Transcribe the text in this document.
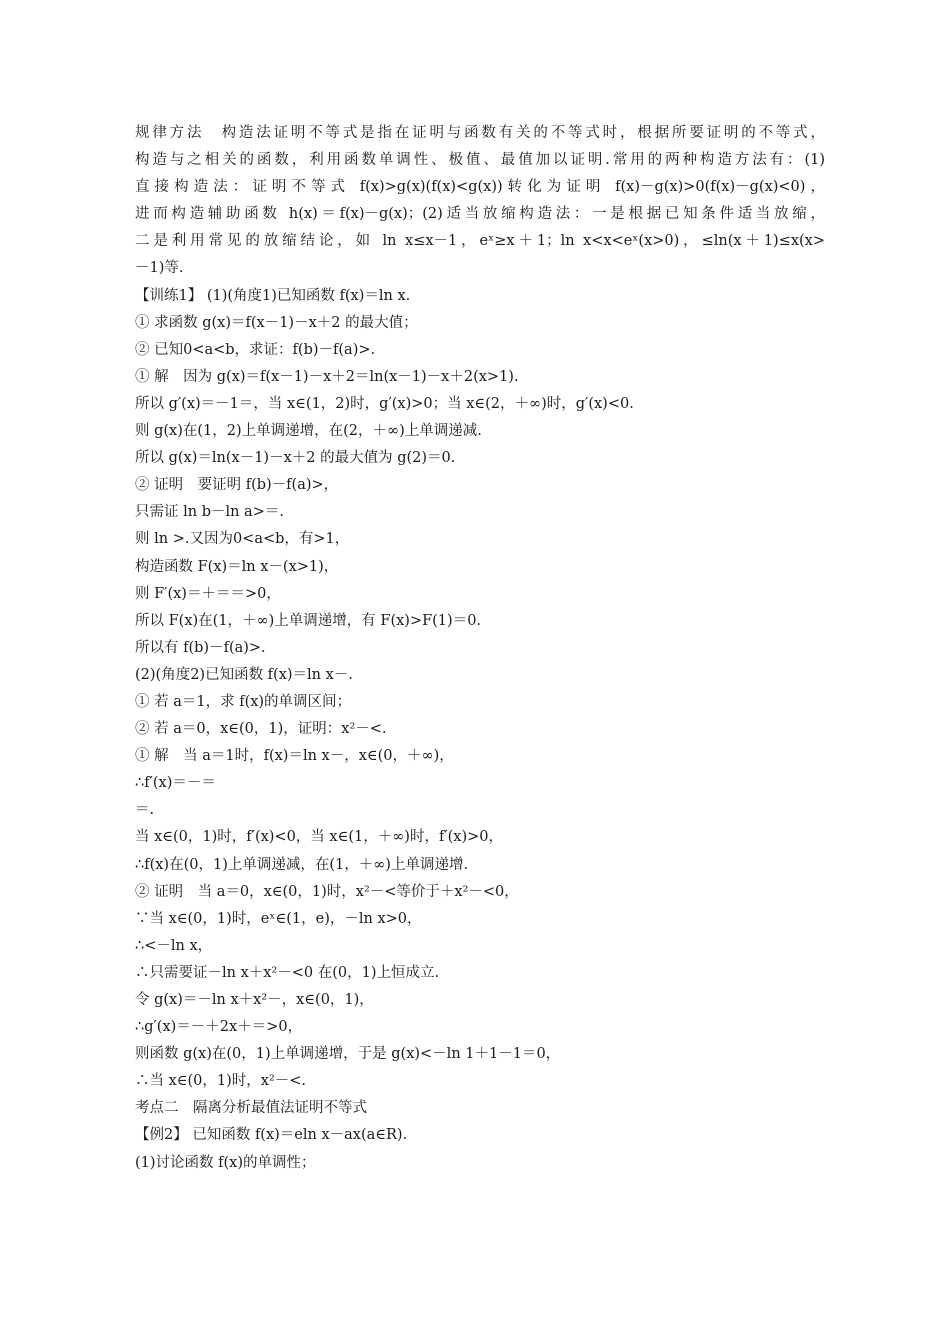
规律方法　构造法证明不等式是指在证明与函数有关的不等式时，根据所要证明的不等式，
构造与之相关的函数，利用函数单调性、极值、最值加以证明.常用的两种构造方法有：(1)
直接构造法：证明不等式 f(x)>g(x)(f(x)<g(x))转化为证明 f(x)－g(x)>0(f(x)－g(x)<0)，
进而构造辅助函数 h(x)＝f(x)－g(x)；(2)适当放缩构造法：一是根据已知条件适当放缩，
二是利用常见的放缩结论，如 ln x≤x－1，eˣ≥x＋1；ln x<x<eˣ(x>0)，≤ln(x＋1)≤x(x>
－1)等.
【训练1】 (1)(角度1)已知函数 f(x)＝ln x.
① 求函数 g(x)＝f(x－1)－x＋2 的最大值；
② 已知0<a<b，求证：f(b)－f(a)>.
① 解　因为 g(x)＝f(x－1)－x＋2＝ln(x－1)－x＋2(x>1).
所以 g′(x)＝－1＝，当 x∈(1，2)时，g′(x)>0；当 x∈(2，＋∞)时，g′(x)<0.
则 g(x)在(1，2)上单调递增，在(2，＋∞)上单调递减.
所以 g(x)＝ln(x－1)－x＋2 的最大值为 g(2)＝0.
② 证明　要证明 f(b)－f(a)>，
只需证 ln b－ln a>＝.
则 ln >.又因为0<a<b，有>1，
构造函数 F(x)＝ln x－(x>1)，
则 F′(x)＝＋＝＝>0，
所以 F(x)在(1，＋∞)上单调递增，有 F(x)>F(1)＝0.
所以有 f(b)－f(a)>.
(2)(角度2)已知函数 f(x)＝ln x－.
① 若 a＝1，求 f(x)的单调区间；
② 若 a＝0，x∈(0，1)，证明：x²－<.
① 解　当 a＝1时，f(x)＝ln x－，x∈(0，＋∞)，
∴f′(x)＝－＝
＝.
当 x∈(0，1)时，f′(x)<0，当 x∈(1，＋∞)时，f′(x)>0，
∴f(x)在(0，1)上单调递减，在(1，＋∞)上单调递增.
② 证明　当 a＝0，x∈(0，1)时，x²－<等价于＋x²－<0，
∵当 x∈(0，1)时，eˣ∈(1，e)，－ln x>0，
∴<－ln x，
∴只需要证－ln x＋x²－<0 在(0，1)上恒成立.
令 g(x)＝－ln x＋x²－，x∈(0，1)，
∴g′(x)＝－＋2x＋＝>0，
则函数 g(x)在(0，1)上单调递增，于是 g(x)<－ln 1＋1－1＝0，
∴当 x∈(0，1)时，x²－<.
考点二　隔离分析最值法证明不等式
【例2】 已知函数 f(x)＝eln x－ax(a∈R).
(1)讨论函数 f(x)的单调性；
